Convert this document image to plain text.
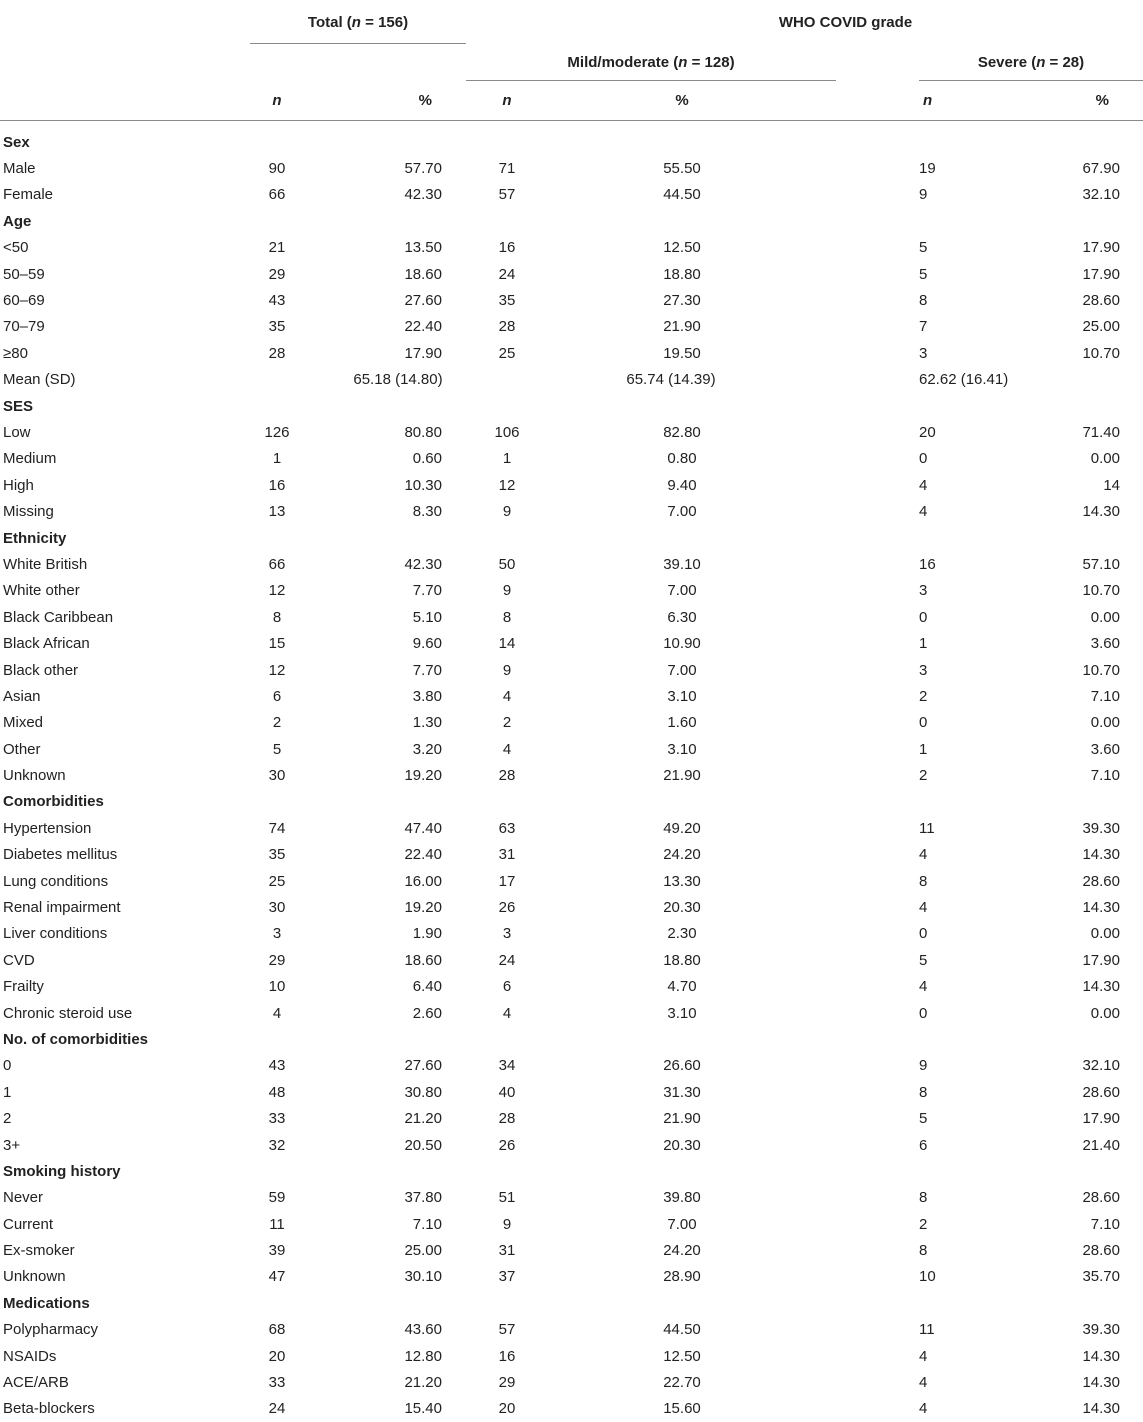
	Total (n = 156)			WHO COVID grade			
			Mild/moderate (n = 128)			Severe (n = 28)	

	n	%	n	%		n	%

Sex							
Male	90	57.70	71	55.50		19	67.90
Female	66	42.30	57	44.50		9	32.10
Age							
<50	21	13.50	16	12.50		5	17.90
50–59	29	18.60	24	18.80		5	17.90
60–69	43	27.60	35	27.30		8	28.60
70–79	35	22.40	28	21.90		7	25.00
≥80	28	17.90	25	19.50		3	10.70
Mean (SD)	65.18 (14.80)		65.74 (14.39)			62.62 (16.41)	
SES							
Low	126	80.80	106	82.80		20	71.40
Medium	1	0.60	1	0.80		0	0.00
High	16	10.30	12	9.40		4	14
Missing	13	8.30	9	7.00		4	14.30
Ethnicity							
White British	66	42.30	50	39.10		16	57.10
White other	12	7.70	9	7.00		3	10.70
Black Caribbean	8	5.10	8	6.30		0	0.00
Black African	15	9.60	14	10.90		1	3.60
Black other	12	7.70	9	7.00		3	10.70
Asian	6	3.80	4	3.10		2	7.10
Mixed	2	1.30	2	1.60		0	0.00
Other	5	3.20	4	3.10		1	3.60
Unknown	30	19.20	28	21.90		2	7.10
Comorbidities							
Hypertension	74	47.40	63	49.20		11	39.30
Diabetes mellitus	35	22.40	31	24.20		4	14.30
Lung conditions	25	16.00	17	13.30		8	28.60
Renal impairment	30	19.20	26	20.30		4	14.30
Liver conditions	3	1.90	3	2.30		0	0.00
CVD	29	18.60	24	18.80		5	17.90
Frailty	10	6.40	6	4.70		4	14.30
Chronic steroid use	4	2.60	4	3.10		0	0.00
No. of comorbidities							
0	43	27.60	34	26.60		9	32.10
1	48	30.80	40	31.30		8	28.60
2	33	21.20	28	21.90		5	17.90
3+	32	20.50	26	20.30		6	21.40
Smoking history							
Never	59	37.80	51	39.80		8	28.60
Current	11	7.10	9	7.00		2	7.10
Ex-smoker	39	25.00	31	24.20		8	28.60
Unknown	47	30.10	37	28.90		10	35.70
Medications							
Polypharmacy	68	43.60	57	44.50		11	39.30
NSAIDs	20	12.80	16	12.50		4	14.30
ACE/ARB	33	21.20	29	22.70		4	14.30
Beta-blockers	24	15.40	20	15.60		4	14.30
